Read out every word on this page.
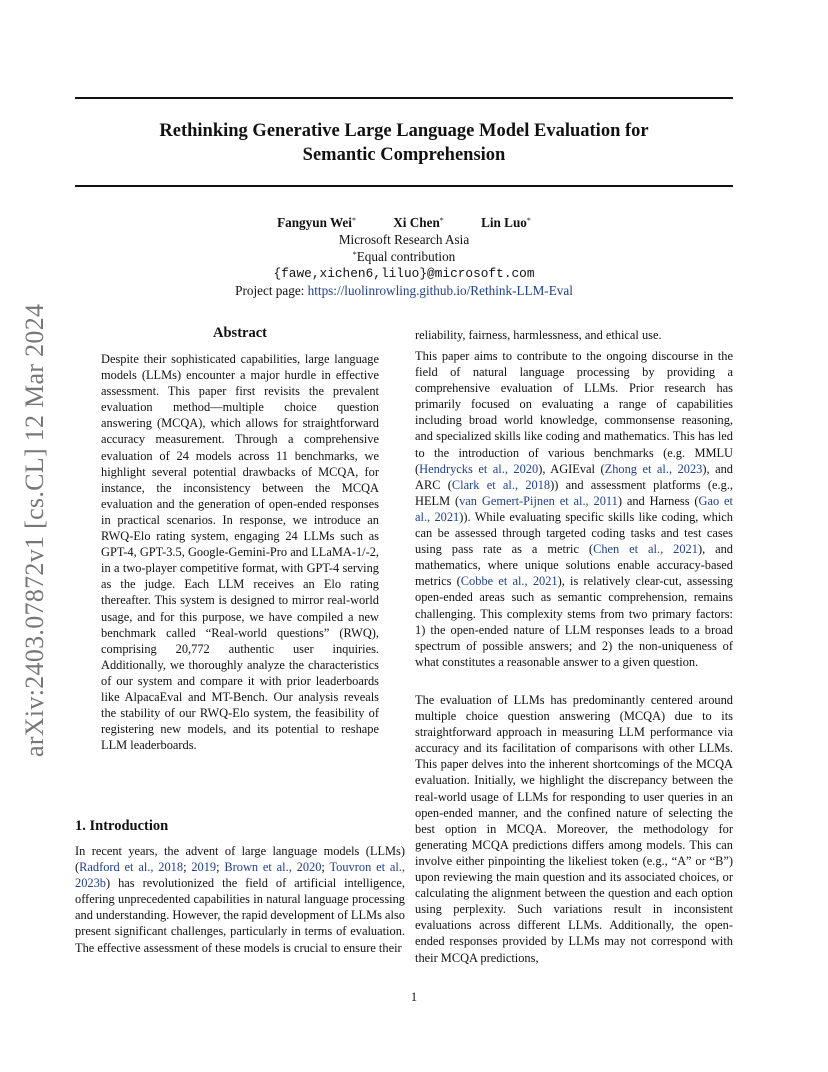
arXiv:2403.07872v1 [cs.CL] 12 Mar 2024
Rethinking Generative Large Language Model Evaluation for
Semantic Comprehension
Fangyun Wei*	Xi Chen*	Lin Luo*
Microsoft Research Asia
*Equal contribution
{fawe,xichen6,liluo}@microsoft.com
Project page: https://luolinrowling.github.io/Rethink-LLM-Eval
Abstract
Despite their sophisticated capabilities, large language models (LLMs) encounter a major hurdle in effective assessment. This paper first revisits the prevalent evaluation method—multiple choice question answering (MCQA), which allows for straightforward accuracy measurement. Through a comprehensive evaluation of 24 models across 11 benchmarks, we highlight several potential drawbacks of MCQA, for instance, the inconsistency between the MCQA evaluation and the generation of open-ended responses in practical scenarios. In response, we introduce an RWQ-Elo rating system, engaging 24 LLMs such as GPT-4, GPT-3.5, Google-Gemini-Pro and LLaMA-1/-2, in a two-player competitive format, with GPT-4 serving as the judge. Each LLM receives an Elo rating thereafter. This system is designed to mirror real-world usage, and for this purpose, we have compiled a new benchmark called “Real-world questions” (RWQ), comprising 20,772 authentic user inquiries. Additionally, we thoroughly analyze the characteristics of our system and compare it with prior leaderboards like AlpacaEval and MT-Bench. Our analysis reveals the stability of our RWQ-Elo system, the feasibility of registering new models, and its potential to reshape LLM leaderboards.
1. Introduction

In recent years, the advent of large language models (LLMs) (Radford et al., 2018; 2019; Brown et al., 2020; Touvron et al., 2023b) has revolutionized the field of artificial intelligence, offering unprecedented capabilities in natural language processing and understanding. However, the rapid development of LLMs also present significant challenges, particularly in terms of evaluation. The effective assessment of these models is crucial to ensure their

reliability, fairness, harmlessness, and ethical use.

This paper aims to contribute to the ongoing discourse in the field of natural language processing by providing a comprehensive evaluation of LLMs. Prior research has primarily focused on evaluating a range of capabilities including broad world knowledge, commonsense reasoning, and specialized skills like coding and mathematics. This has led to the introduction of various benchmarks (e.g. MMLU (Hendrycks et al., 2020), AGIEval (Zhong et al., 2023), and ARC (Clark et al., 2018)) and assessment platforms (e.g., HELM (van Gemert-Pijnen et al., 2011) and Harness (Gao et al., 2021)). While evaluating specific skills like coding, which can be assessed through targeted coding tasks and test cases using pass rate as a metric (Chen et al., 2021), and mathematics, where unique solutions enable accuracy-based metrics (Cobbe et al., 2021), is relatively clear-cut, assessing open-ended areas such as semantic comprehension, remains challenging. This complexity stems from two primary factors: 1) the open-ended nature of LLM responses leads to a broad spectrum of possible answers; and 2) the non-uniqueness of what constitutes a reasonable answer to a given question.

The evaluation of LLMs has predominantly centered around multiple choice question answering (MCQA) due to its straightforward approach in measuring LLM performance via accuracy and its facilitation of comparisons with other LLMs. This paper delves into the inherent shortcomings of the MCQA evaluation. Initially, we highlight the discrepancy between the real-world usage of LLMs for responding to user queries in an open-ended manner, and the confined nature of selecting the best option in MCQA. Moreover, the methodology for generating MCQA predictions differs among models. This can involve either pinpointing the likeliest token (e.g., “A” or “B”) upon reviewing the main question and its associated choices, or calculating the alignment between the question and each option using perplexity. Such variations result in inconsistent evaluations across different LLMs. Additionally, the open-ended responses provided by LLMs may not correspond with their MCQA predictions,

1
